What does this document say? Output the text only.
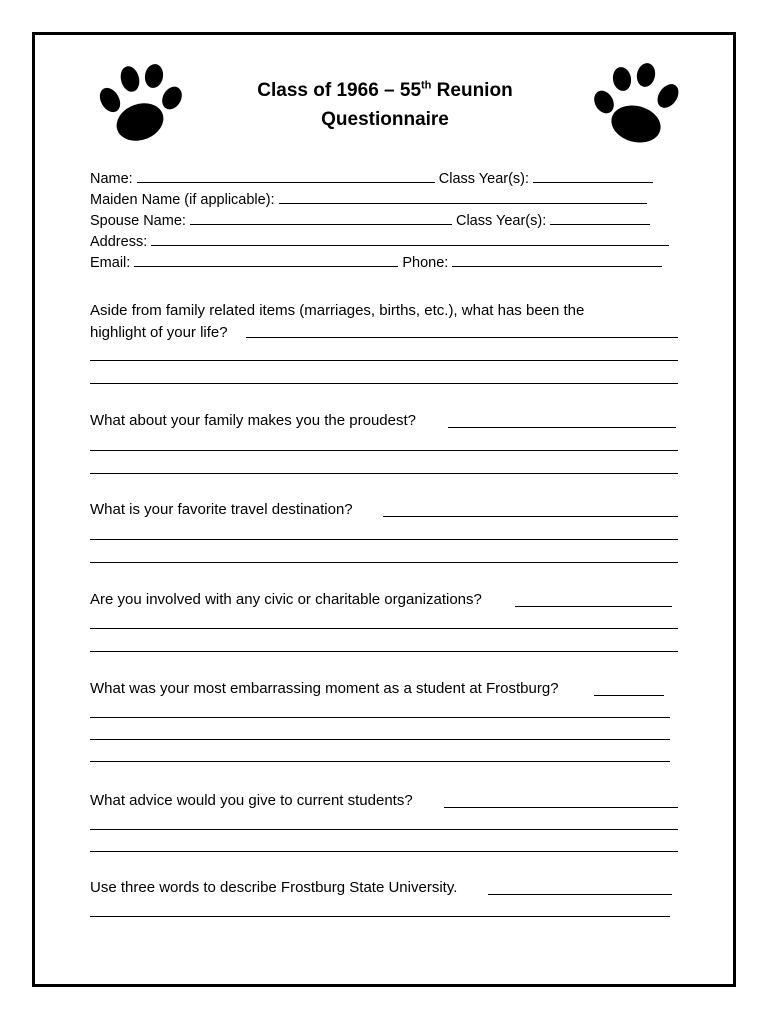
Class of 1966 – 55th Reunion
Questionnaire
Name:	Class Year(s):
Maiden Name (if applicable):
Spouse Name:	Class Year(s):
Address:
Email:	Phone:
Aside from family related items (marriages, births, etc.), what has been the
highlight of your life?
What about your family makes you the proudest?
What is your favorite travel destination?
Are you involved with any civic or charitable organizations?
What was your most embarrassing moment as a student at Frostburg?
What advice would you give to current students?
Use three words to describe Frostburg State University.
